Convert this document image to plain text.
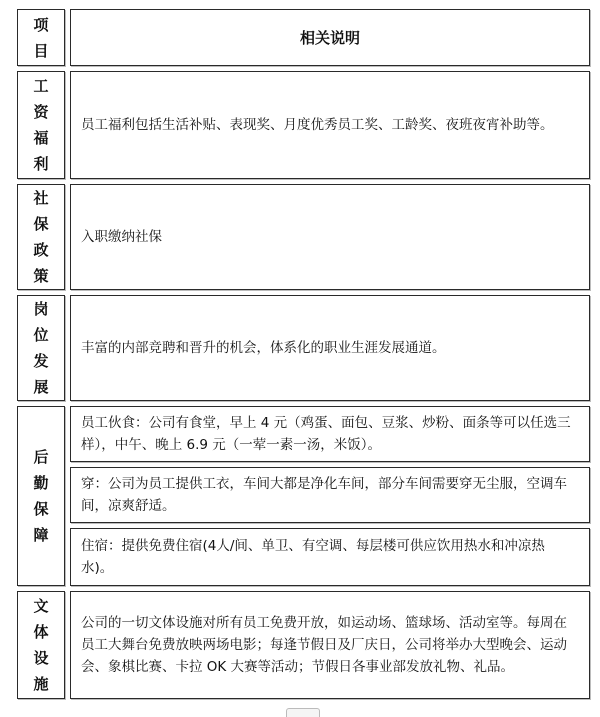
项
目
相关说明
工
资
福
利
员工福利包括生活补贴、表现奖、月度优秀员工奖、工龄奖、夜班夜宵补助等。
社
保
政
策
入职缴纳社保
岗
位
发
展
丰富的内部竞聘和晋升的机会，体系化的职业生涯发展通道。
后
勤
保
障
员工伙食：公司有食堂，早上 4 元（鸡蛋、面包、豆浆、炒粉、面条等可以任选三样），中午、晚上 6.9 元（一荤一素一汤，米饭）。
穿：公司为员工提供工衣，车间大都是净化车间，部分车间需要穿无尘服，空调车间，凉爽舒适。
住宿：提供免费住宿(4人/间、单卫、有空调、每层楼可供应饮用热水和冲凉热水)。
文
体
设
施
公司的一切文体设施对所有员工免费开放，如运动场、篮球场、活动室等。每周在员工大舞台免费放映两场电影；每逢节假日及厂庆日，公司将举办大型晚会、运动会、象棋比赛、卡拉 OK 大赛等活动；节假日各事业部发放礼物、礼品。
